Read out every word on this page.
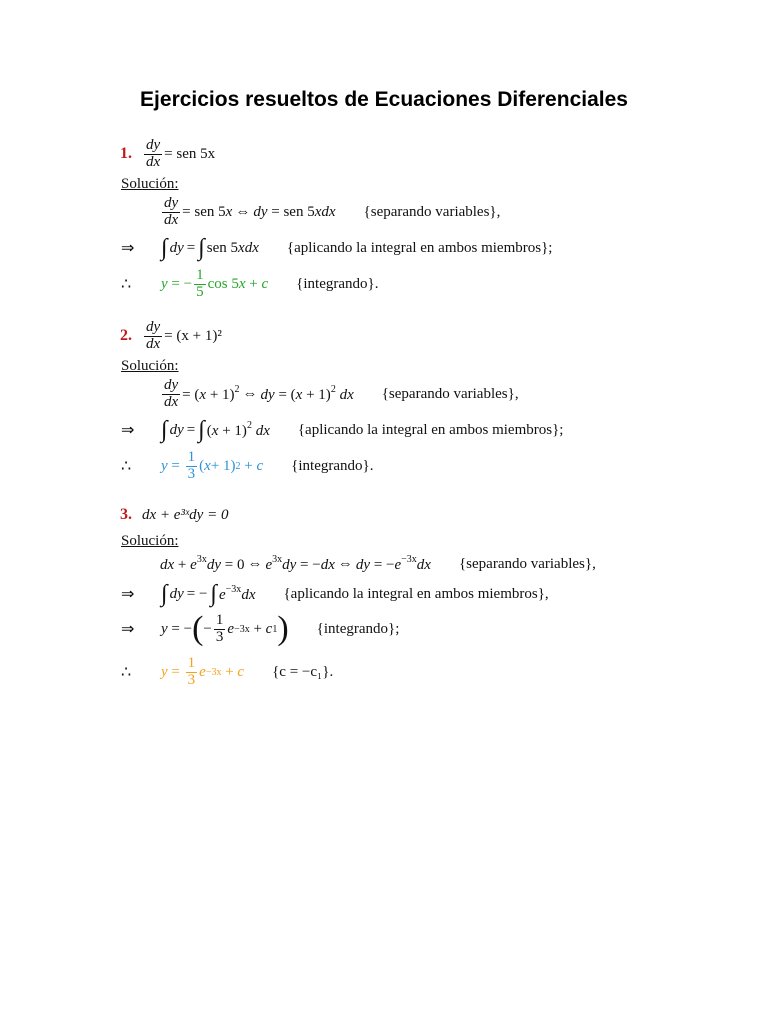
Ejercicios resueltos de Ecuaciones Diferenciales
1. $\frac{dy}{dx}$ = sen 5x
Solución:
$\frac{dy}{dx}$ = sen 5x ⇔ dy = sen 5xdx {separando variables},
⇒	∫ dy = ∫ sen 5xdx {aplicando la integral en ambos miembros};
∴	y = − $\frac{1}{5}$ cos 5 x + c {integrando}.
2. $\frac{dy}{dx} = (x + 1)^2$
Solución:
$\frac{dy}{dx} = (x + 1)^2$ ⇔ dy = $(x + 1)^2$ dx {separando variables},
⇒	∫ dy = ∫ $(x + 1)^2$ dx {aplicando la integral en ambos miembros};
∴	$y = \frac{1}{3}$ ( x + 1) 2 + c {integrando}.
3. dx + e³ˣdy = 0
Solución:
dx + $e^{3x}dy = 0$ ⇔ $e^{3x}dy = -dx$ ⇔ dy = $-e^{-3x}dx$ {separando variables},
⇒	∫ dy = − ∫ $e^{-3x}dx$ {aplicando la integral en ambos miembros},
⇒	y = − ( − $\frac{1}{3}$ e −3x + c 1 ) {integrando};
∴	$y = \frac{1}{3}$ e −3x + c {c = −c₁}.
